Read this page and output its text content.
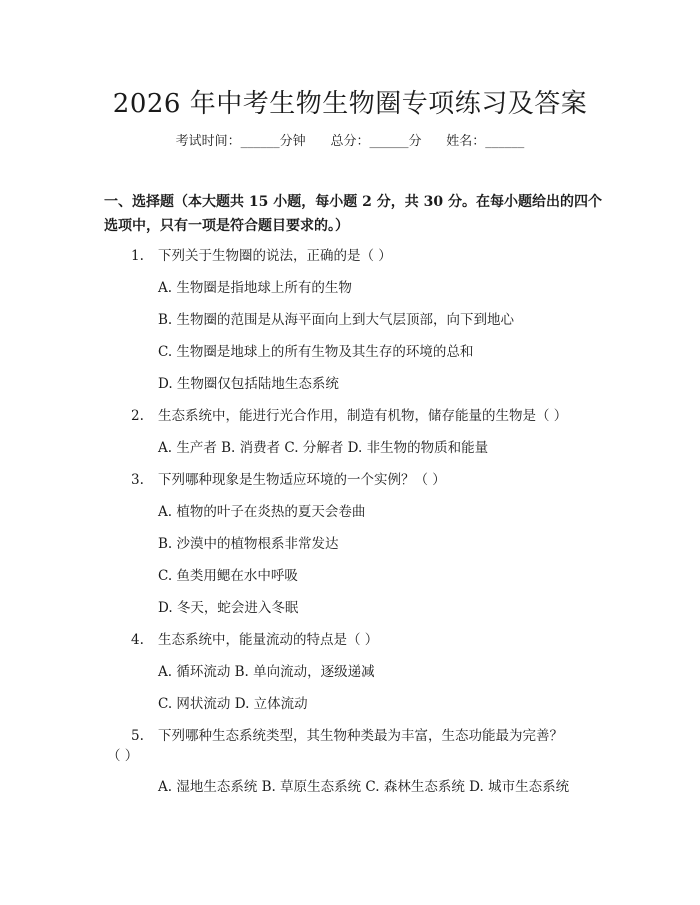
2026 年中考生物生物圈专项练习及答案
考试时间：______分钟 总分：______分 姓名：______
一、选择题（本大题共 15 小题，每小题 2 分，共 30 分。在每小题给出的四个选项中，只有一项是符合题目要求的。）
1. 下列关于生物圈的说法，正确的是（ ）
A. 生物圈是指地球上所有的生物
B. 生物圈的范围是从海平面向上到大气层顶部，向下到地心
C. 生物圈是地球上的所有生物及其生存的环境的总和
D. 生物圈仅包括陆地生态系统
2. 生态系统中，能进行光合作用，制造有机物，储存能量的生物是（ ）
A. 生产者 B. 消费者 C. 分解者 D. 非生物的物质和能量
3. 下列哪种现象是生物适应环境的一个实例？（ ）
A. 植物的叶子在炎热的夏天会卷曲
B. 沙漠中的植物根系非常发达
C. 鱼类用鳃在水中呼吸
D. 冬天，蛇会进入冬眠
4. 生态系统中，能量流动的特点是（ ）
A. 循环流动 B. 单向流动，逐级递减
C. 网状流动 D. 立体流动
5. 下列哪种生态系统类型，其生物种类最为丰富，生态功能最为完善？
（ ）
A. 湿地生态系统 B. 草原生态系统 C. 森林生态系统 D. 城市生态系统
